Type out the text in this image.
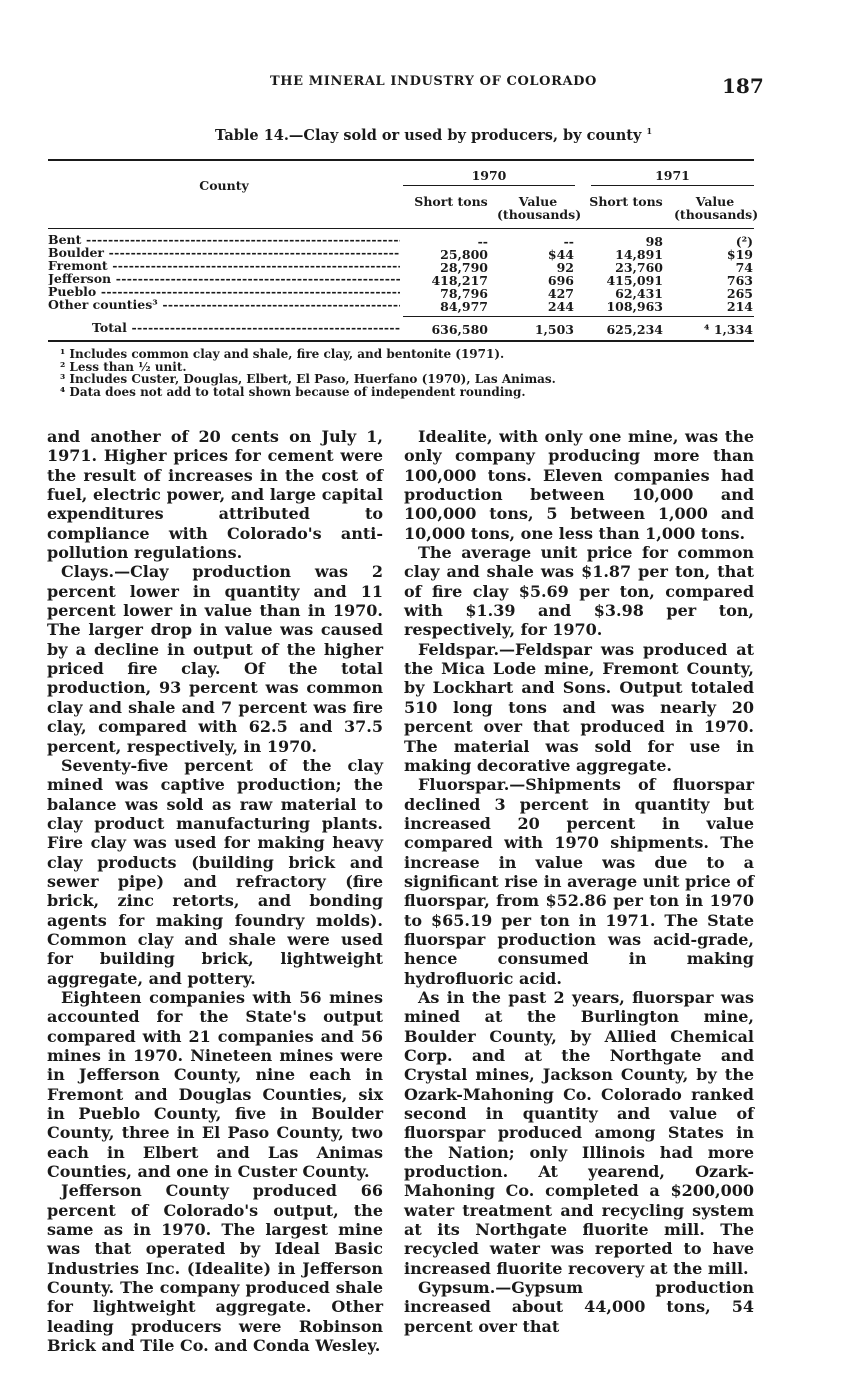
THE MINERAL INDUSTRY OF COLORADO	187
Table 14.—Clay sold or used by producers, by county $^1$
County
1970	1971
Short tons	Value
(thousands)
Short tons	Value
(thousands)
Bent -----	--	--	98	(²)
Boulder -----	25,800	$44	14,891	$19
Fremont -----	28,790	92	23,760	74
Jefferson -----	418,217	696	415,091	763
Pueblo -----	78,796	427	62,431	265
Other counties³ -----	84,977	244	108,963	214
Total -----	636,580	1,503	625,234	⁴ 1,334
¹ Includes common clay and shale, fire clay, and bentonite (1971).
² Less than ½ unit.
³ Includes Custer, Douglas, Elbert, El Paso, Huerfano (1970), Las Animas.
⁴ Data does not add to total shown because of independent rounding.

and another of 20 cents on July 1, 1971. Higher prices for cement were the result of increases in the cost of fuel, electric power, and large capital expenditures attributed to compliance with Colorado's anti-pollution regulations.

Clays.—Clay production was 2 percent lower in quantity and 11 percent lower in value than in 1970. The larger drop in value was caused by a decline in output of the higher priced fire clay. Of the total production, 93 percent was common clay and shale and 7 percent was fire clay, compared with 62.5 and 37.5 percent, respectively, in 1970.

Seventy-five percent of the clay mined was captive production; the balance was sold as raw material to clay product manufacturing plants. Fire clay was used for making heavy clay products (building brick and sewer pipe) and refractory (fire brick, zinc retorts, and bonding agents for making foundry molds). Common clay and shale were used for building brick, lightweight aggregate, and pottery.

Eighteen companies with 56 mines accounted for the State's output compared with 21 companies and 56 mines in 1970. Nineteen mines were in Jefferson County, nine each in Fremont and Douglas Counties, six in Pueblo County, five in Boulder County, three in El Paso County, two each in Elbert and Las Animas Counties, and one in Custer County.

Jefferson County produced 66 percent of Colorado's output, the same as in 1970. The largest mine was that operated by Ideal Basic Industries Inc. (Idealite) in Jefferson County. The company produced shale for lightweight aggregate. Other leading producers were Robinson Brick and Tile Co. and Conda Wesley.

Idealite, with only one mine, was the only company producing more than 100,000 tons. Eleven companies had production between 10,000 and 100,000 tons, 5 between 1,000 and 10,000 tons, one less than 1,000 tons.

The average unit price for common clay and shale was $1.87 per ton, that of fire clay $5.69 per ton, compared with $1.39 and $3.98 per ton, respectively, for 1970.

Feldspar.—Feldspar was produced at the Mica Lode mine, Fremont County, by Lockhart and Sons. Output totaled 510 long tons and was nearly 20 percent over that produced in 1970. The material was sold for use in making decorative aggregate.

Fluorspar.—Shipments of fluorspar declined 3 percent in quantity but increased 20 percent in value compared with 1970 shipments. The increase in value was due to a significant rise in average unit price of fluorspar, from $52.86 per ton in 1970 to $65.19 per ton in 1971. The State fluorspar production was acid-grade, hence consumed in making hydrofluoric acid.

As in the past 2 years, fluorspar was mined at the Burlington mine, Boulder County, by Allied Chemical Corp. and at the Northgate and Crystal mines, Jackson County, by the Ozark-Mahoning Co. Colorado ranked second in quantity and value of fluorspar produced among States in the Nation; only Illinois had more production. At yearend, Ozark-Mahoning Co. completed a $200,000 water treatment and recycling system at its Northgate fluorite mill. The recycled water was reported to have increased fluorite recovery at the mill.

Gypsum.—Gypsum production increased about 44,000 tons, 54 percent over that
